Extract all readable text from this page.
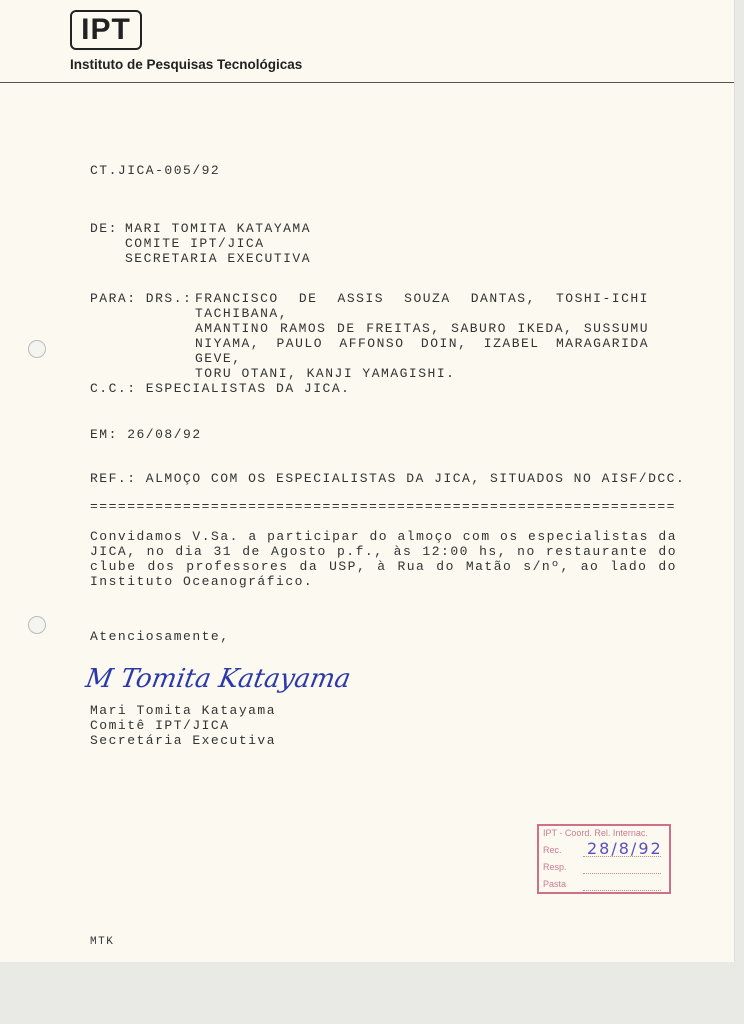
IPT
Instituto de Pesquisas Tecnológicas
CT.JICA-005/92
DE: MARI TOMITA KATAYAMA
COMITE IPT/JICA
SECRETARIA EXECUTIVA
PARA: DRS.: FRANCISCO DE ASSIS SOUZA DANTAS, TOSHI-ICHI TACHIBANA,
AMANTINO RAMOS DE FREITAS, SABURO IKEDA, SUSSUMU
NIYAMA, PAULO AFFONSO DOIN, IZABEL MARAGARIDA GEVE,
TORU OTANI, KANJI YAMAGISHI.
C.C.: ESPECIALISTAS DA JICA.
EM: 26/08/92
REF.: ALMOÇO COM OS ESPECIALISTAS DA JICA, SITUADOS NO AISF/DCC.
===============================================================
Convidamos V.Sa. a participar do almoço com os especialistas da
JICA, no dia 31 de Agosto p.f., às 12:00 hs, no restaurante do
clube dos professores da USP, à Rua do Matão s/nº, ao lado do
Instituto Oceanográfico.
Atenciosamente,
M Tomita Katayama
Mari Tomita Katayama
Comitê IPT/JICA
Secretária Executiva
IPT - Coord. Rel. Internac.
Rec. 28/8/92
Resp.
Pasta
MTK
